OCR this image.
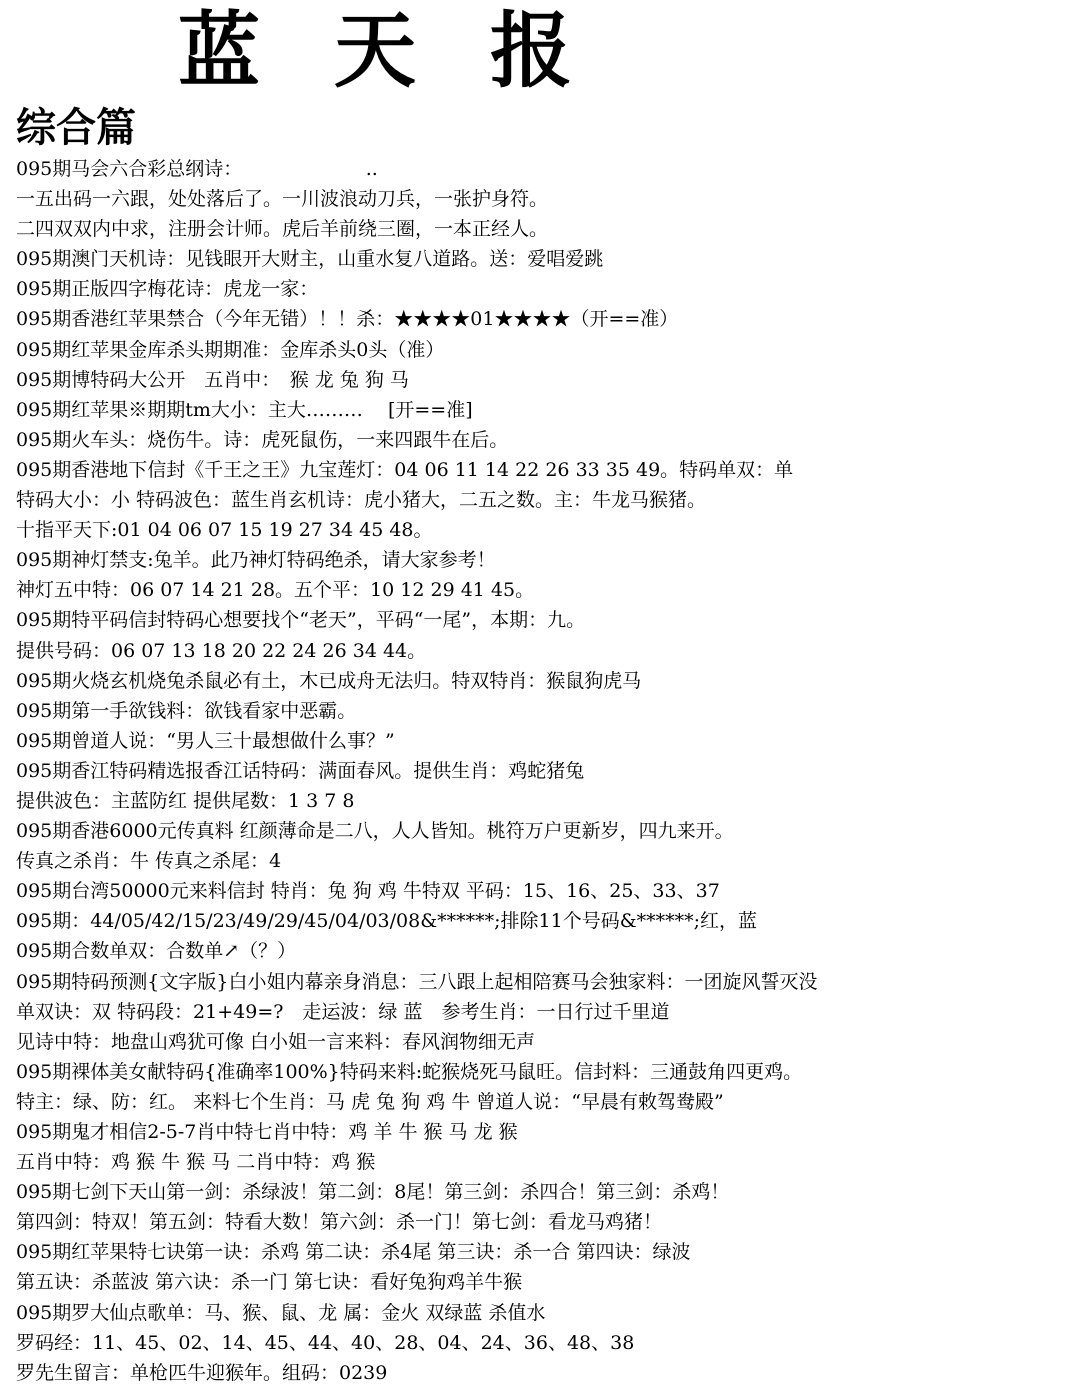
蓝 天 报
综合篇
095期马会六合彩总纲诗：　　　　　　　..
一五出码一六跟，处处落后了。一川波浪动刀兵，一张护身符。
二四双双内中求，注册会计师。虎后羊前绕三圈，一本正经人。
095期澳门天机诗：见钱眼开大财主，山重水复八道路。送：爱唱爱跳
095期正版四字梅花诗：虎龙一家：
095期香港红苹果禁合（今年无错）！！杀：★★★★01★★★★（开==准）
095期红苹果金库杀头期期准：金库杀头0头（准）
095期博特码大公开　五肖中：　猴 龙 兔 狗 马
095期红苹果※期期tm大小：主大………　 [开==准]
095期火车头：烧伤牛。诗：虎死鼠伤，一来四跟牛在后。
095期香港地下信封《千王之王》九宝莲灯：04 06 11 14 22 26 33 35 49。特码单双：单
特码大小：小 特码波色：蓝生肖玄机诗：虎小猪大，二五之数。主：牛龙马猴猪。
十指平天下:01 04 06 07 15 19 27 34 45 48。
095期神灯禁支:兔羊。此乃神灯特码绝杀，请大家参考！
神灯五中特：06 07 14 21 28。五个平：10 12 29 41 45。
095期特平码信封特码心想要找个“老天”，平码“一尾”，本期：九。
提供号码：06 07 13 18 20 22 24 26 34 44。
095期火烧玄机烧兔杀鼠必有土，木已成舟无法归。特双特肖：猴鼠狗虎马
095期第一手欲钱料：欲钱看家中恶霸。
095期曾道人说：“男人三十最想做什么事？”
095期香江特码精选报香江话特码：满面春风。提供生肖：鸡蛇猪兔
提供波色：主蓝防红 提供尾数：1 3 7 8
095期香港6000元传真料 红颜薄命是二八，人人皆知。桃符万户更新岁，四九来开。
传真之杀肖：牛 传真之杀尾：4
095期台湾50000元来料信封 特肖：兔 狗 鸡 牛特双 平码：15、16、25、33、37
095期：44/05/42/15/23/49/29/45/04/03/08&******;排除11个号码&******;红，蓝
095期合数单双：合数单↗（？）
095期特码预测{文字版}白小姐内幕亲身消息：三八跟上起相陪赛马会独家料：一团旋风誓灭没
单双诀：双 特码段：21+49=?　走运波：绿 蓝　参考生肖：一日行过千里道
见诗中特：地盘山鸡犹可像 白小姐一言来料：春风润物细无声
095期裸体美女献特码{准确率100%}特码来料:蛇猴烧死马鼠旺。信封料：三通鼓角四更鸡。
特主：绿、防：红。 来料七个生肖：马 虎 兔 狗 鸡 牛 曾道人说：“早晨有敕驾鸯殿”
095期鬼才相信2-5-7肖中特七肖中特：鸡 羊 牛 猴 马 龙 猴
五肖中特：鸡 猴 牛 猴 马 二肖中特：鸡 猴
095期七剑下天山第一剑：杀绿波！第二剑：8尾！第三剑：杀四合！第三剑：杀鸡！
第四剑：特双！第五剑：特看大数！第六剑：杀一门！第七剑：看龙马鸡猪！
095期红苹果特七诀第一诀：杀鸡 第二诀：杀4尾 第三诀：杀一合 第四诀：绿波
第五诀：杀蓝波 第六诀：杀一门 第七诀：看好兔狗鸡羊牛猴
095期罗大仙点歌单：马、猴、鼠、龙 属：金火 双绿蓝 杀值水
罗码经：11、45、02、14、45、44、40、28、04、24、36、48、38
罗先生留言：单枪匹牛迎猴年。组码：0239
